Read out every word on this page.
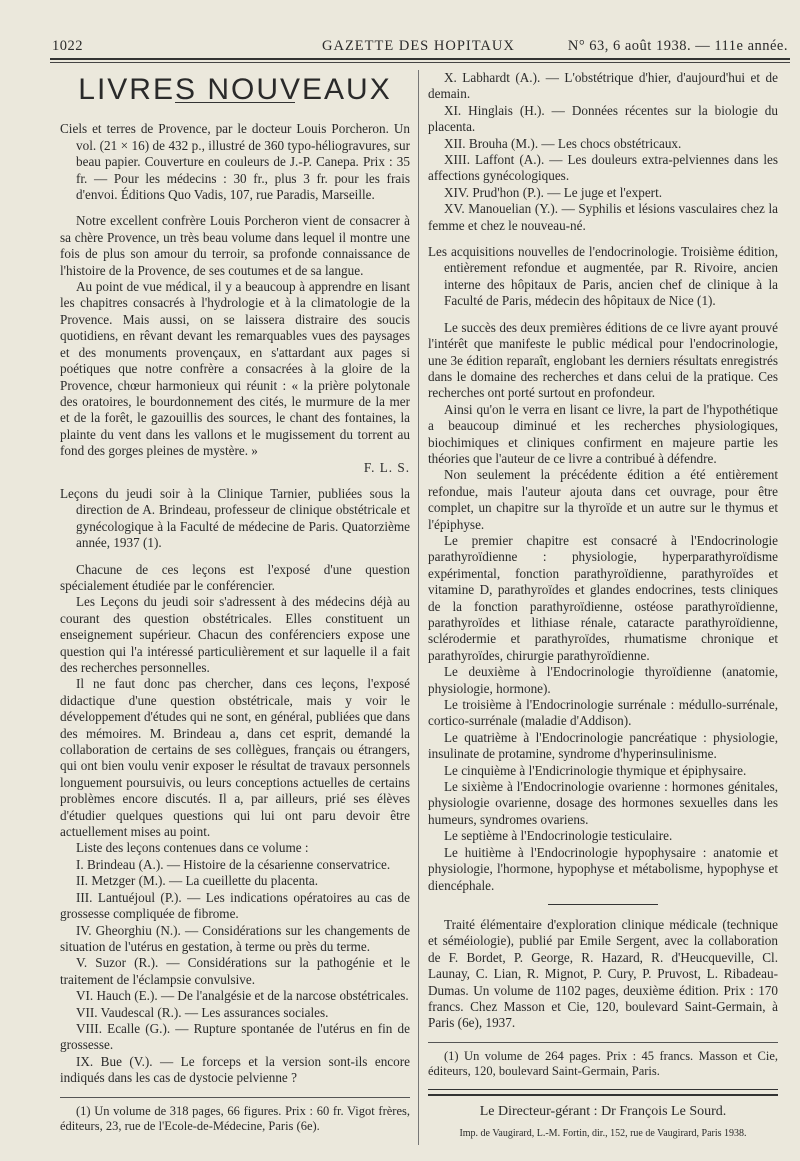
1022	GAZETTE DES HOPITAUX	N° 63, 6 août 1938. — 111e année.
LIVRES NOUVEAUX

Ciels et terres de Provence, par le docteur Louis Porcheron. Un vol. (21 × 16) de 432 p., illustré de 360 typo-héliogravures, sur beau papier. Couverture en couleurs de J.-P. Canepa. Prix : 35 fr. — Pour les médecins : 30 fr., plus 3 fr. pour les frais d'envoi. Éditions Quo Vadis, 107, rue Paradis, Marseille.

Notre excellent confrère Louis Porcheron vient de consacrer à sa chère Provence, un très beau volume dans lequel il montre une fois de plus son amour du terroir, sa profonde connaissance de l'histoire de la Provence, de ses coutumes et de sa langue.

Au point de vue médical, il y a beaucoup à apprendre en lisant les chapitres consacrés à l'hydrologie et à la climatologie de la Provence. Mais aussi, on se laissera distraire des soucis quotidiens, en rêvant devant les remarquables vues des paysages et des monuments provençaux, en s'attardant aux pages si poétiques que notre confrère a consacrées à la gloire de la Provence, chœur harmonieux qui réunit : « la prière polytonale des oratoires, le bourdonnement des cités, le murmure de la mer et de la forêt, le gazouillis des sources, le chant des fontaines, la plainte du vent dans les vallons et le mugissement du torrent au fond des gorges pleines de mystère. »

F. L. S.

Leçons du jeudi soir à la Clinique Tarnier, publiées sous la direction de A. Brindeau, professeur de clinique obstétricale et gynécologique à la Faculté de médecine de Paris. Quatorzième année, 1937 (1).

Chacune de ces leçons est l'exposé d'une question spécialement étudiée par le conférencier.

Les Leçons du jeudi soir s'adressent à des médecins déjà au courant des question obstétricales. Elles constituent un enseignement supérieur. Chacun des conférenciers expose une question qui l'a intéressé particulièrement et sur laquelle il a fait des recherches personnelles.

Il ne faut donc pas chercher, dans ces leçons, l'exposé didactique d'une question obstétricale, mais y voir le développement d'études qui ne sont, en général, publiées que dans des mémoires. M. Brindeau a, dans cet esprit, demandé la collaboration de certains de ses collègues, français ou étrangers, qui ont bien voulu venir exposer le résultat de travaux personnels longuement poursuivis, ou leurs conceptions actuelles de certains problèmes encore discutés. Il a, par ailleurs, prié ses élèves d'étudier quelques questions qui lui ont paru devoir être actuellement mises au point.

Liste des leçons contenues dans ce volume :

I. Brindeau (A.). — Histoire de la césarienne conservatrice.

II. Metzger (M.). — La cueillette du placenta.

III. Lantuéjoul (P.). — Les indications opératoires au cas de grossesse compliquée de fibrome.

IV. Gheorghiu (N.). — Considérations sur les changements de situation de l'utérus en gestation, à terme ou près du terme.

V. Suzor (R.). — Considérations sur la pathogénie et le traitement de l'éclampsie convulsive.

VI. Hauch (E.). — De l'analgésie et de la narcose obstétricales.

VII. Vaudescal (R.). — Les assurances sociales.

VIII. Ecalle (G.). — Rupture spontanée de l'utérus en fin de grossesse.

IX. Bue (V.). — Le forceps et la version sont-ils encore indiqués dans les cas de dystocie pelvienne ?

(1) Un volume de 318 pages, 66 figures. Prix : 60 fr. Vigot frères, éditeurs, 23, rue de l'Ecole-de-Médecine, Paris (6e).

X. Labhardt (A.). — L'obstétrique d'hier, d'aujourd'hui et de demain.

XI. Hinglais (H.). — Données récentes sur la biologie du placenta.

XII. Brouha (M.). — Les chocs obstétricaux.

XIII. Laffont (A.). — Les douleurs extra-pelviennes dans les affections gynécologiques.

XIV. Prud'hon (P.). — Le juge et l'expert.

XV. Manouelian (Y.). — Syphilis et lésions vasculaires chez la femme et chez le nouveau-né.

Les acquisitions nouvelles de l'endocrinologie. Troisième édition, entièrement refondue et augmentée, par R. Rivoire, ancien interne des hôpitaux de Paris, ancien chef de clinique à la Faculté de Paris, médecin des hôpitaux de Nice (1).

Le succès des deux premières éditions de ce livre ayant prouvé l'intérêt que manifeste le public médical pour l'endocrinologie, une 3e édition reparaît, englobant les derniers résultats enregistrés dans le domaine des recherches et dans celui de la pratique. Ces recherches ont porté surtout en profondeur.

Ainsi qu'on le verra en lisant ce livre, la part de l'hypothétique a beaucoup diminué et les recherches physiologiques, biochimiques et cliniques confirment en majeure partie les théories que l'auteur de ce livre a contribué à défendre.

Non seulement la précédente édition a été entièrement refondue, mais l'auteur ajouta dans cet ouvrage, pour être complet, un chapitre sur la thyroïde et un autre sur le thymus et l'épiphyse.

Le premier chapitre est consacré à l'Endocrinologie parathyroïdienne : physiologie, hyperparathyroïdisme expérimental, fonction parathyroïdienne, parathyroïdes et vitamine D, parathyroïdes et glandes endocrines, tests cliniques de la fonction parathyroïdienne, ostéose parathyroïdienne, parathyroïdes et lithiase rénale, cataracte parathyroïdienne, sclérodermie et parathyroïdes, rhumatisme chronique et parathyroïdes, chirurgie parathyroïdienne.

Le deuxième à l'Endocrinologie thyroïdienne (anatomie, physiologie, hormone).

Le troisième à l'Endocrinologie surrénale : médullo-surrénale, cortico-surrénale (maladie d'Addison).

Le quatrième à l'Endocrinologie pancréatique : physiologie, insulinate de protamine, syndrome d'hyperinsulinisme.

Le cinquième à l'Endicrinologie thymique et épiphysaire.

Le sixième à l'Endocrinologie ovarienne : hormones génitales, physiologie ovarienne, dosage des hormones sexuelles dans les humeurs, syndromes ovariens.

Le septième à l'Endocrinologie testiculaire.

Le huitième à l'Endocrinologie hypophysaire : anatomie et physiologie, l'hormone, hypophyse et métabolisme, hypophyse et diencéphale.

Traité élémentaire d'exploration clinique médicale (technique et séméiologie), publié par Emile Sergent, avec la collaboration de F. Bordet, P. George, R. Hazard, R. d'Heucqueville, Cl. Launay, C. Lian, R. Mignot, P. Cury, P. Pruvost, L. Ribadeau-Dumas. Un volume de 1102 pages, deuxième édition. Prix : 170 francs. Chez Masson et Cie, 120, boulevard Saint-Germain, à Paris (6e), 1937.

(1) Un volume de 264 pages. Prix : 45 francs. Masson et Cie, éditeurs, 120, boulevard Saint-Germain, Paris.

Le Directeur-gérant : Dr François Le Sourd.

Imp. de Vaugirard, L.-M. Fortin, dir., 152, rue de Vaugirard, Paris 1938.
